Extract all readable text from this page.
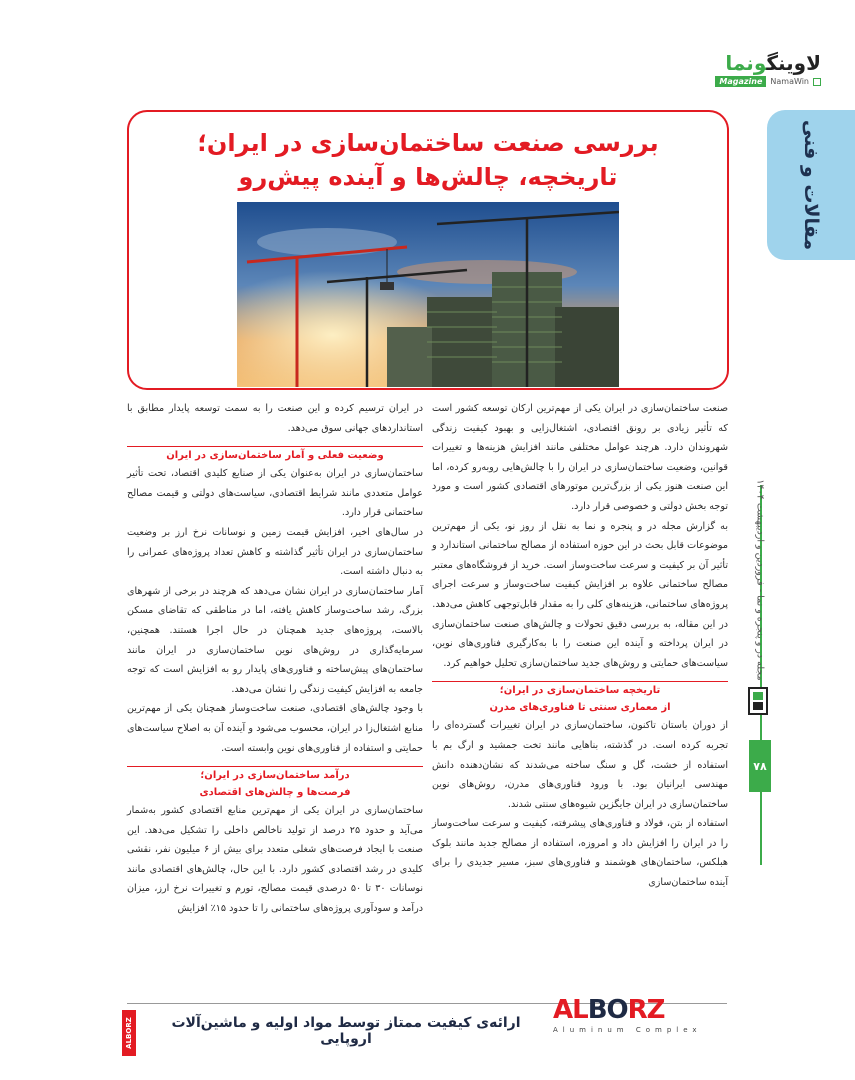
لاوینگونما
Magazine	NamaWin
مقالات و فنی
مجله در و پنجره و نما - فروردین و اردیبهشت ۱۴۰۴
۷۸
بررسی صنعت ساختمان‌سازی در ایران؛
تاریخچه، چالش‌ها و آینده پیش‌رو

صنعت ساختمان‌سازی در ایران یکی از مهم‌ترین ارکان توسعه کشور است که تأثیر زیادی بر رونق اقتصادی، اشتغال‌زایی و بهبود کیفیت زندگی شهروندان دارد. هرچند عوامل مختلفی مانند افزایش هزینه‌ها و تغییرات قوانین، وضعیت ساختمان‌سازی در ایران را با چالش‌هایی روبه‌رو کرده، اما این صنعت هنوز یکی از بزرگ‌ترین موتورهای اقتصادی کشور است و مورد توجه بخش دولتی و خصوصی قرار دارد.

به گزارش مجله در و پنجره و نما به نقل از روز نو، یکی از مهم‌ترین موضوعات قابل بحث در این حوزه استفاده از مصالح ساختمانی استاندارد و تأثیر آن بر کیفیت و سرعت ساخت‌وساز است. خرید از فروشگاه‌های معتبر مصالح ساختمانی علاوه بر افزایش کیفیت ساخت‌وساز و سرعت اجرای پروژه‌های ساختمانی، هزینه‌های کلی را به مقدار قابل‌توجهی کاهش می‌دهد.

در این مقاله، به بررسی دقیق تحولات و چالش‌های صنعت ساختمان‌سازی در ایران پرداخته و آینده این صنعت را با به‌کارگیری فناوری‌های نوین، سیاست‌های حمایتی و روش‌های جدید ساختمان‌سازی تحلیل خواهیم کرد.

تاریخچه ساختمان‌سازی در ایران؛
از معماری سنتی تا فناوری‌های مدرن

از دوران باستان تاکنون، ساختمان‌سازی در ایران تغییرات گسترده‌ای را تجربه کرده است. در گذشته، بناهایی مانند تخت جمشید و ارگ بم با استفاده از خشت، گل و سنگ ساخته می‌شدند که نشان‌دهنده دانش مهندسی ایرانیان بود. با ورود فناوری‌های مدرن، روش‌های نوین ساختمان‌سازی در ایران جایگزین شیوه‌های سنتی شدند.

استفاده از بتن، فولاد و فناوری‌های پیشرفته، کیفیت و سرعت ساخت‌وساز را در ایران را افزایش داد و امروزه، استفاده از مصالح جدید مانند بلوک هبلکس، ساختمان‌های هوشمند و فناوری‌های سبز، مسیر جدیدی را برای آینده ساختمان‌سازی

در ایران ترسیم کرده و این صنعت را به سمت توسعه پایدار مطابق با استانداردهای جهانی سوق می‌دهد.

وضعیت فعلی و آمار ساختمان‌سازی در ایران

ساختمان‌سازی در ایران به‌عنوان یکی از صنایع کلیدی اقتصاد، تحت تأثیر عوامل متعددی مانند شرایط اقتصادی، سیاست‌های دولتی و قیمت مصالح ساختمانی قرار دارد.

در سال‌های اخیر، افزایش قیمت زمین و نوسانات نرخ ارز بر وضعیت ساختمان‌سازی در ایران تأثیر گذاشته و کاهش تعداد پروژه‌های عمرانی را به دنبال داشته است.

آمار ساختمان‌سازی در ایران نشان می‌دهد که هرچند در برخی از شهرهای بزرگ، رشد ساخت‌وساز کاهش یافته، اما در مناطقی که تقاضای مسکن بالاست، پروژه‌های جدید همچنان در حال اجرا هستند. همچنین، سرمایه‌گذاری در روش‌های نوین ساختمان‌سازی در ایران مانند ساختمان‌های پیش‌ساخته و فناوری‌های پایدار رو به افزایش است که توجه جامعه به افزایش کیفیت زندگی را نشان می‌دهد.

با وجود چالش‌های اقتصادی، صنعت ساخت‌وساز همچنان یکی از مهم‌ترین منابع اشتغال‌زا در ایران، محسوب می‌شود و آینده آن به اصلاح سیاست‌های حمایتی و استفاده از فناوری‌های نوین وابسته است.

درآمد ساختمان‌سازی در ایران؛
فرصت‌ها و چالش‌های اقتصادی

ساختمان‌سازی در ایران یکی از مهم‌ترین منابع اقتصادی کشور به‌شمار می‌آید و حدود ۲۵ درصد از تولید ناخالص داخلی را تشکیل می‌دهد. این صنعت با ایجاد فرصت‌های شغلی متعدد برای بیش از ۶ میلیون نفر، نقشی کلیدی در رشد اقتصادی کشور دارد. با این حال، چالش‌های اقتصادی مانند نوسانات ۳۰ تا ۵۰ درصدی قیمت مصالح، تورم و تغییرات نرخ ارز، میزان درآمد و سودآوری پروژه‌های ساختمانی را تا حدود ۱۵٪ افزایش

ارائه‌ی کیفیت ممتاز توسط مواد اولیه و ماشین‌آلات اروپایی
AL BO RZ
Aluminum Complex
ALBORZ
